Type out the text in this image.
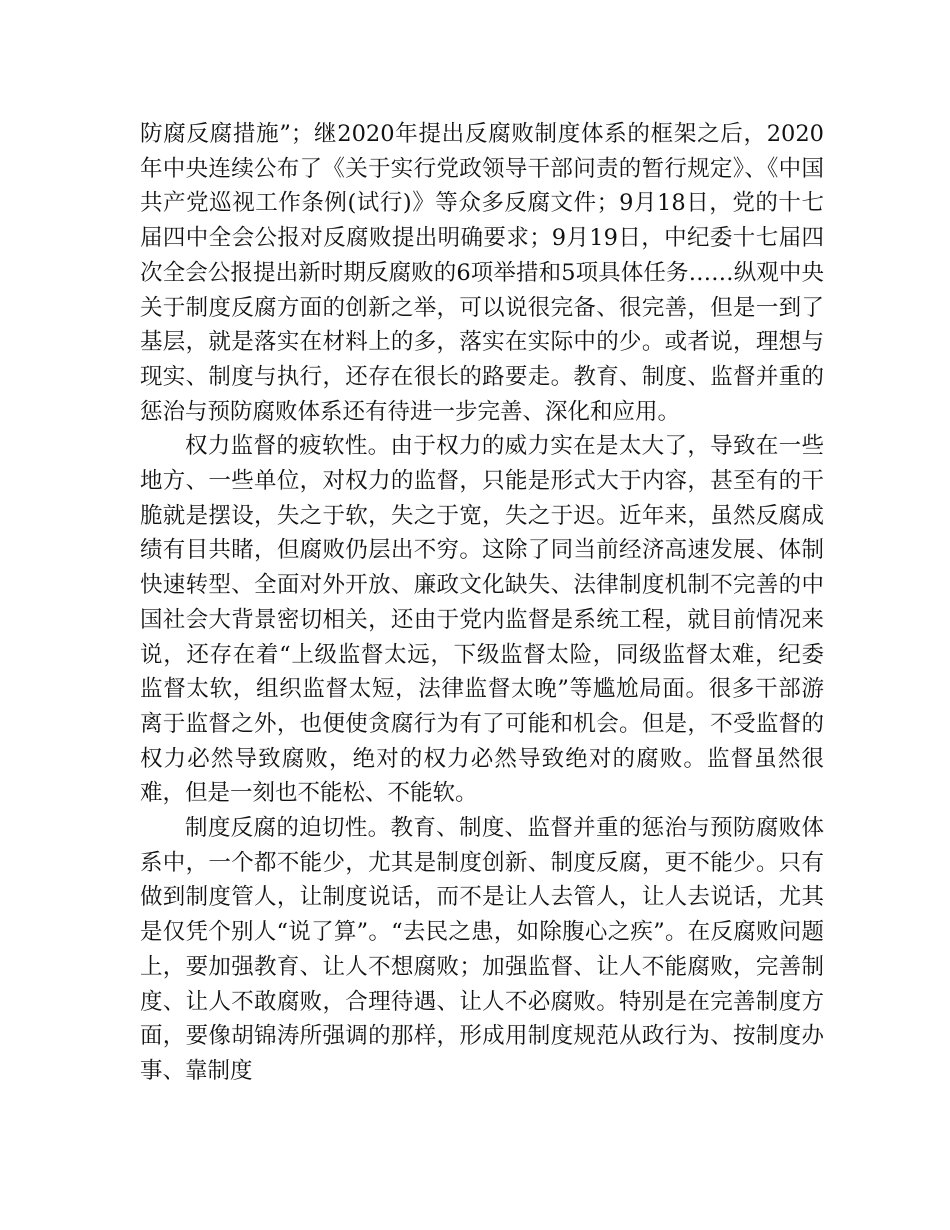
防腐反腐措施”；继2020年提出反腐败制度体系的框架之后，2020年中央连续公布了《关于实行党政领导干部问责的暂行规定》、《中国共产党巡视工作条例(试行)》等众多反腐文件；9月18日，党的十七届四中全会公报对反腐败提出明确要求；9月19日，中纪委十七届四次全会公报提出新时期反腐败的6项举措和5项具体任务……纵观中央关于制度反腐方面的创新之举，可以说很完备、很完善，但是一到了基层，就是落实在材料上的多，落实在实际中的少。或者说，理想与现实、制度与执行，还存在很长的路要走。教育、制度、监督并重的惩治与预防腐败体系还有待进一步完善、深化和应用。

权力监督的疲软性。由于权力的威力实在是太大了，导致在一些地方、一些单位，对权力的监督，只能是形式大于内容，甚至有的干脆就是摆设，失之于软，失之于宽，失之于迟。近年来，虽然反腐成绩有目共睹，但腐败仍层出不穷。这除了同当前经济高速发展、体制快速转型、全面对外开放、廉政文化缺失、法律制度机制不完善的中国社会大背景密切相关，还由于党内监督是系统工程，就目前情况来说，还存在着“上级监督太远，下级监督太险，同级监督太难，纪委监督太软，组织监督太短，法律监督太晚”等尴尬局面。很多干部游离于监督之外，也便使贪腐行为有了可能和机会。但是，不受监督的权力必然导致腐败，绝对的权力必然导致绝对的腐败。监督虽然很难，但是一刻也不能松、不能软。

制度反腐的迫切性。教育、制度、监督并重的惩治与预防腐败体系中，一个都不能少，尤其是制度创新、制度反腐，更不能少。只有做到制度管人，让制度说话，而不是让人去管人，让人去说话，尤其是仅凭个别人“说了算”。“去民之患，如除腹心之疾”。在反腐败问题上，要加强教育、让人不想腐败；加强监督、让人不能腐败，完善制度、让人不敢腐败，合理待遇、让人不必腐败。特别是在完善制度方面，要像胡锦涛所强调的那样，形成用制度规范从政行为、按制度办事、靠制度
